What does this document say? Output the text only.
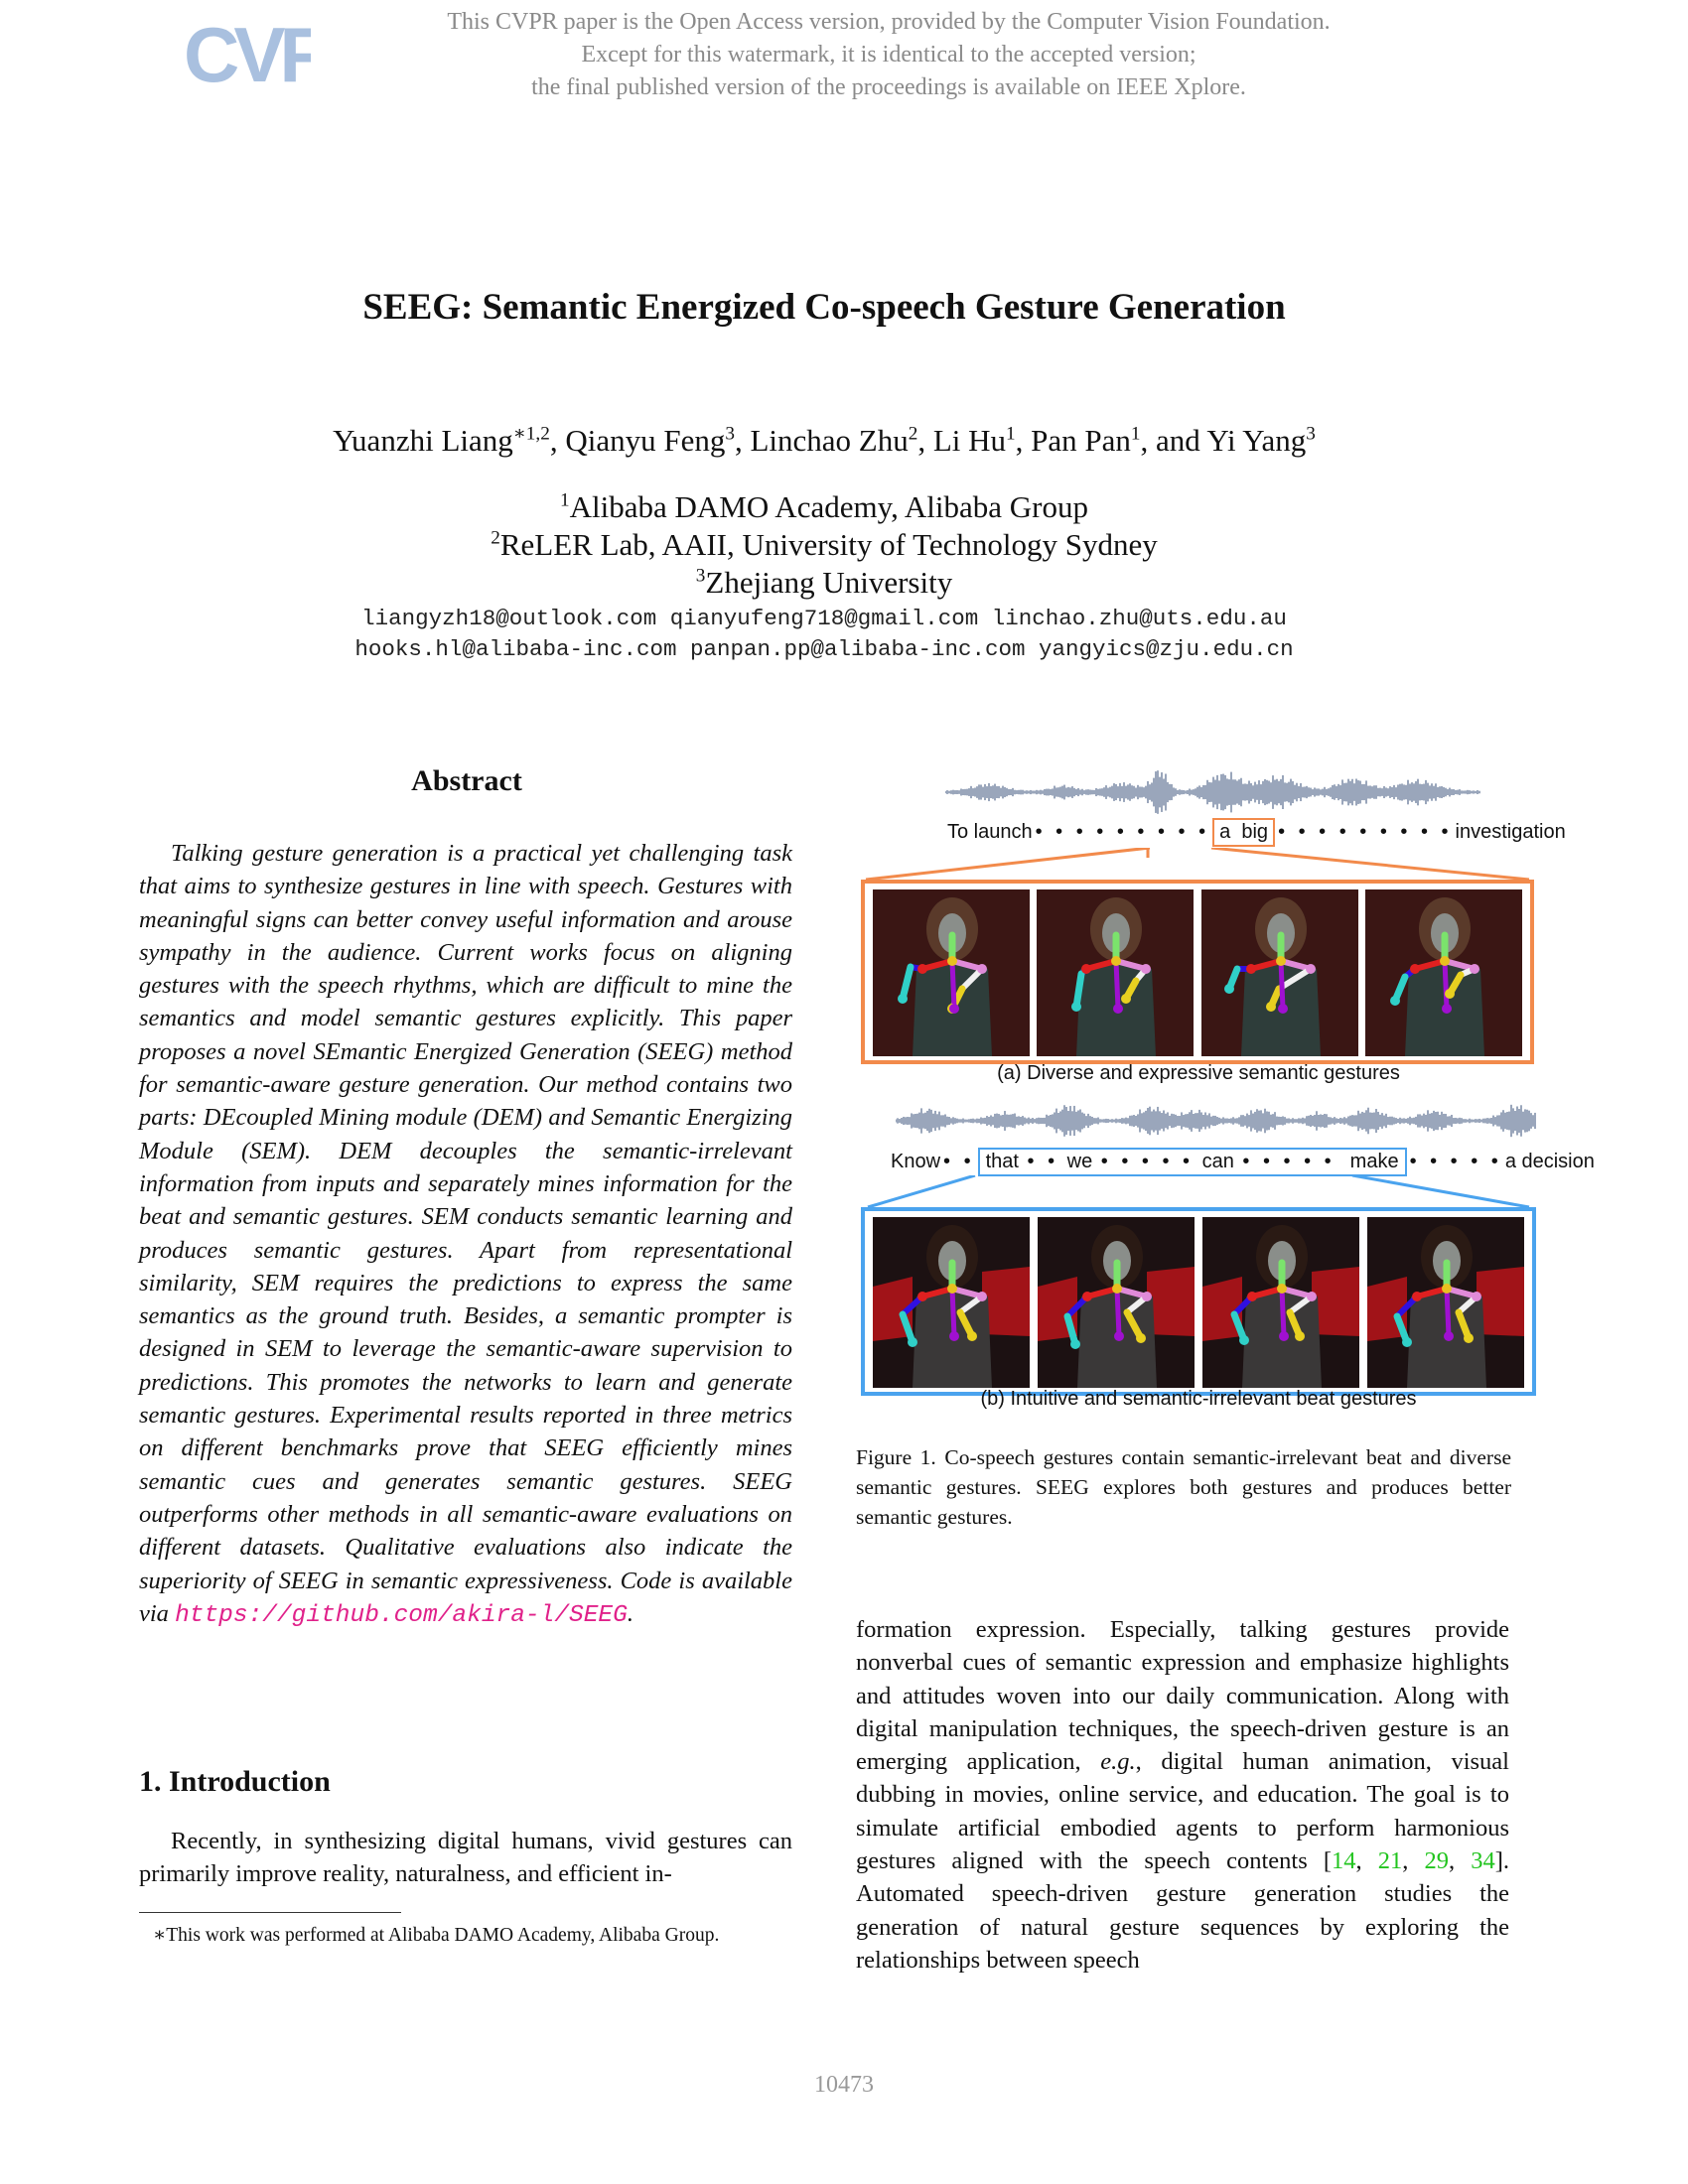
CVF	This CVPR paper is the Open Access version, provided by the Computer Vision Foundation.
Except for this watermark, it is identical to the accepted version;
the final published version of the proceedings is available on IEEE Xplore.
SEEG: Semantic Energized Co-speech Gesture Generation
Yuanzhi Liang$^{∗1,2}$, Qianyu Feng$^3$, Linchao Zhu$^2$, Li Hu$^1$, Pan Pan$^1$, and Yi Yang$^3$
$^1$Alibaba DAMO Academy, Alibaba Group
$^2$ReLER Lab, AAII, University of Technology Sydney
$^3$Zhejiang University
liangyzh18@outlook.com qianyufeng718@gmail.com linchao.zhu@uts.edu.au
hooks.hl@alibaba-inc.com panpan.pp@alibaba-inc.com yangyics@zju.edu.cn
Abstract
Talking gesture generation is a practical yet challenging task that aims to synthesize gestures in line with speech. Gestures with meaningful signs can better convey useful information and arouse sympathy in the audience. Current works focus on aligning gestures with the speech rhythms, which are difficult to mine the semantics and model semantic gestures explicitly. This paper proposes a novel SEmantic Energized Generation (SEEG) method for semantic-aware gesture generation. Our method contains two parts: DEcoupled Mining module (DEM) and Semantic Energizing Module (SEM). DEM decouples the semantic-irrelevant information from inputs and separately mines information for the beat and semantic gestures. SEM conducts semantic learning and produces semantic gestures. Apart from representational similarity, SEM requires the predictions to express the same semantics as the ground truth. Besides, a semantic prompter is designed in SEM to leverage the semantic-aware supervision to predictions. This promotes the networks to learn and generate semantic gestures. Experimental results reported in three metrics on different benchmarks prove that SEEG efficiently mines semantic cues and generates semantic gestures. SEEG outperforms other methods in all semantic-aware evaluations on different datasets. Qualitative evaluations also indicate the superiority of SEEG in semantic expressiveness. Code is available via https://github.com/akira-l/SEEG.
1. Introduction
Recently, in synthesizing digital humans, vivid gestures can primarily improve reality, naturalness, and efficient in-
∗This work was performed at Alibaba DAMO Academy, Alibaba Group.
To launch • • • • • • • • • a big • • • • • • • • • investigation
(a) Diverse and expressive semantic gestures
Know • • that • • we • • • • • can • • • • • make • • • • • a decision
(b) Intuitive and semantic-irrelevant beat gestures
Figure 1. Co-speech gestures contain semantic-irrelevant beat and diverse semantic gestures. SEEG explores both gestures and produces better semantic gestures.
formation expression. Especially, talking gestures provide nonverbal cues of semantic expression and emphasize highlights and attitudes woven into our daily communication. Along with digital manipulation techniques, the speech-driven gesture is an emerging application, e.g., digital human animation, visual dubbing in movies, online service, and education. The goal is to simulate artificial embodied agents to perform harmonious gestures aligned with the speech contents [14, 21, 29, 34]. Automated speech-driven gesture generation studies the generation of natural gesture sequences by exploring the relationships between speech
10473
